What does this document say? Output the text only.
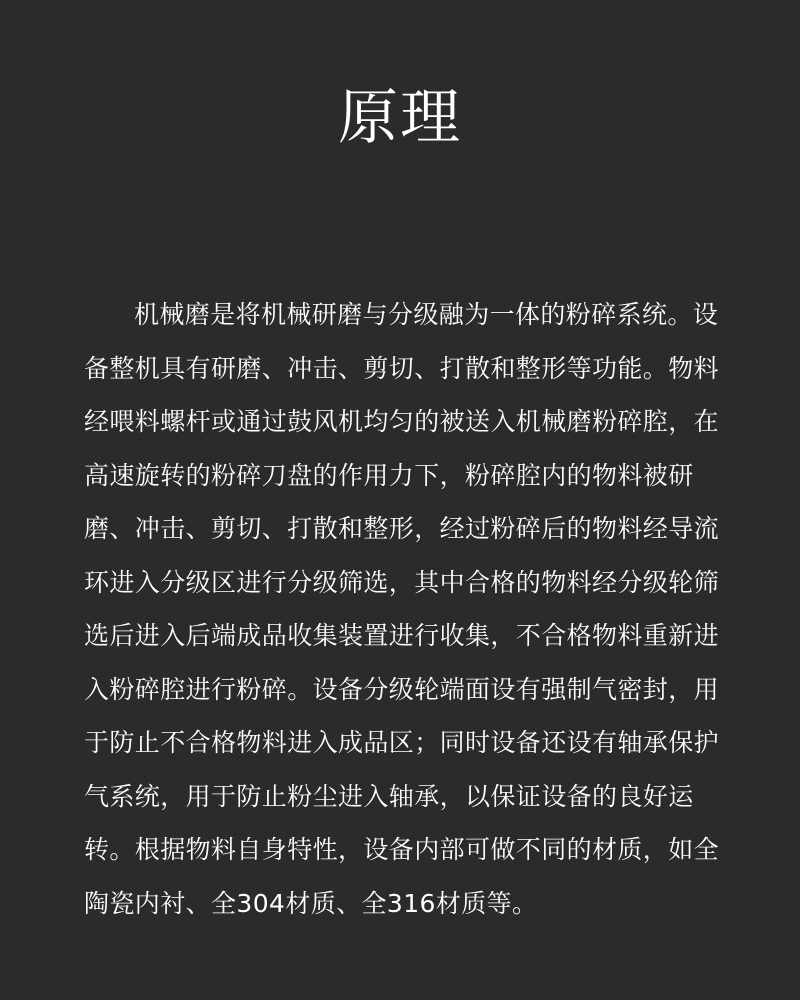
原理

机械磨是将机械研磨与分级融为一体的粉碎系统。设备整机具有研磨、冲击、剪切、打散和整形等功能。物料经喂料螺杆或通过鼓风机均匀的被送入机械磨粉碎腔，在高速旋转的粉碎刀盘的作用力下，粉碎腔内的物料被研磨、冲击、剪切、打散和整形，经过粉碎后的物料经导流环进入分级区进行分级筛选，其中合格的物料经分级轮筛选后进入后端成品收集装置进行收集，不合格物料重新进入粉碎腔进行粉碎。设备分级轮端面设有强制气密封，用于防止不合格物料进入成品区；同时设备还设有轴承保护气系统，用于防止粉尘进入轴承，以保证设备的良好运转。根据物料自身特性，设备内部可做不同的材质，如全陶瓷内衬、全304材质、全316材质等。
